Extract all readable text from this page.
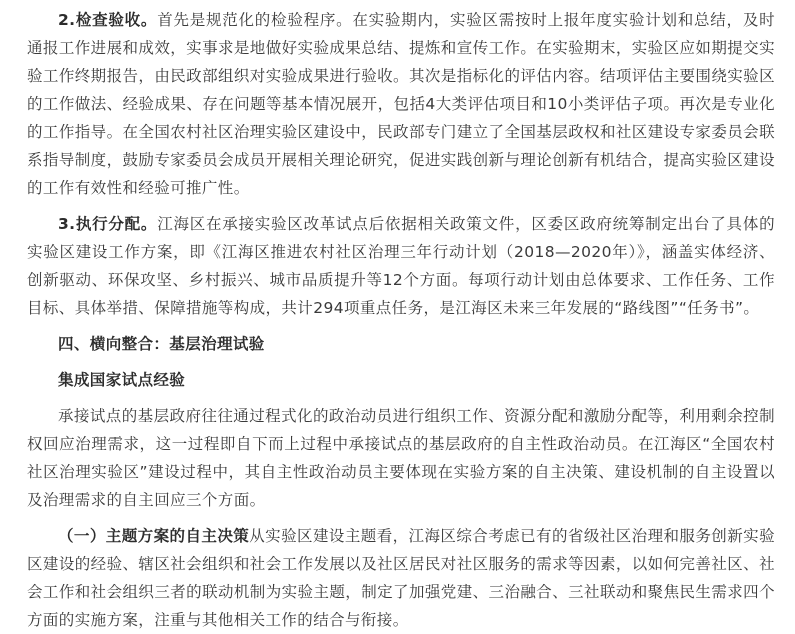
2.检查验收。首先是规范化的检验程序。在实验期内，实验区需按时上报年度实验计划和总结，及时通报工作进展和成效，实事求是地做好实验成果总结、提炼和宣传工作。在实验期末，实验区应如期提交实验工作终期报告，由民政部组织对实验成果进行验收。其次是指标化的评估内容。结项评估主要围绕实验区的工作做法、经验成果、存在问题等基本情况展开，包括4大类评估项目和10小类评估子项。再次是专业化的工作指导。在全国农村社区治理实验区建设中，民政部专门建立了全国基层政权和社区建设专家委员会联系指导制度，鼓励专家委员会成员开展相关理论研究，促进实践创新与理论创新有机结合，提高实验区建设的工作有效性和经验可推广性。

3.执行分配。江海区在承接实验区改革试点后依据相关政策文件，区委区政府统筹制定出台了具体的实验区建设工作方案，即《江海区推进农村社区治理三年行动计划（2018—2020年）》，涵盖实体经济、创新驱动、环保攻坚、乡村振兴、城市品质提升等12个方面。每项行动计划由总体要求、工作任务、工作目标、具体举措、保障措施等构成，共计294项重点任务，是江海区未来三年发展的“路线图”“任务书”。

四、横向整合：基层治理试验

集成国家试点经验

承接试点的基层政府往往通过程式化的政治动员进行组织工作、资源分配和激励分配等，利用剩余控制权回应治理需求，这一过程即自下而上过程中承接试点的基层政府的自主性政治动员。在江海区“全国农村社区治理实验区”建设过程中，其自主性政治动员主要体现在实验方案的自主决策、建设机制的自主设置以及治理需求的自主回应三个方面。

（一）主题方案的自主决策从实验区建设主题看，江海区综合考虑已有的省级社区治理和服务创新实验区建设的经验、辖区社会组织和社会工作发展以及社区居民对社区服务的需求等因素，以如何完善社区、社会工作和社会组织三者的联动机制为实验主题，制定了加强党建、三治融合、三社联动和聚焦民生需求四个方面的实施方案，注重与其他相关工作的结合与衔接。
